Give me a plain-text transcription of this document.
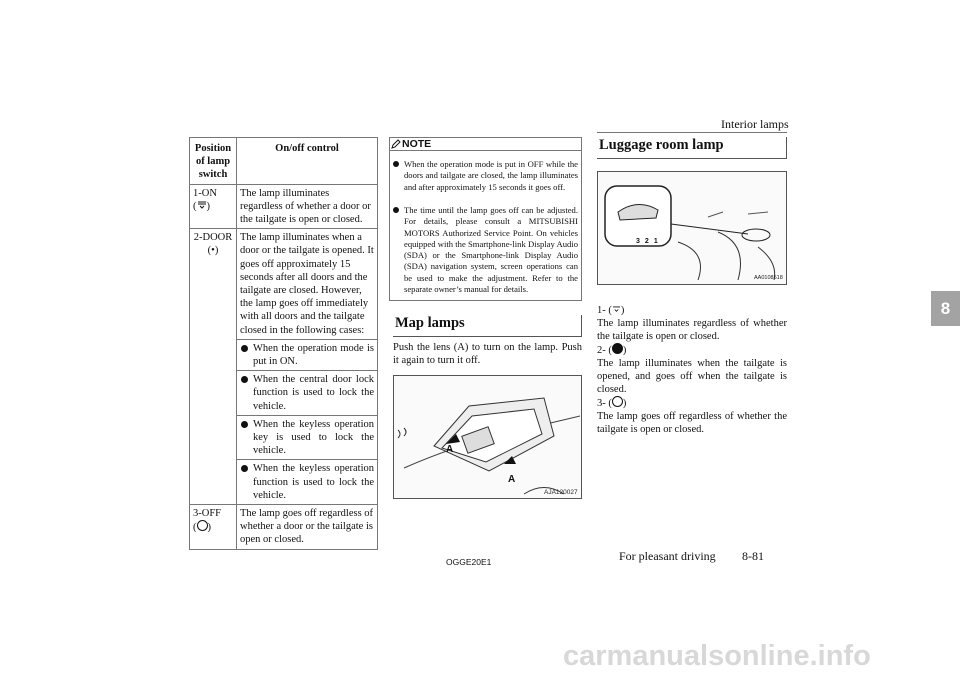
Interior lamps
8
Position of lamp switch	On/off control

1-ON
( )	The lamp illuminates regardless of whether a door or the tailgate is open or closed.

2-DOOR
(•)	The lamp illuminates when a door or the tailgate is opened. It goes off approximately 15 seconds after all doors and the tailgate are closed. However, the lamp goes off immediately with all doors and the tailgate closed in the following cases:

When the operation mode is put in ON.

When the central door lock function is used to lock the vehicle.

When the keyless operation key is used to lock the vehicle.

When the keyless operation function is used to lock the vehicle.

3-OFF
( )	The lamp goes off regardless of whether a door or the tailgate is open or closed.
NOTE
When the operation mode is put in OFF while the doors and tailgate are closed, the lamp illuminates and after approximately 15 seconds it goes off.
The time until the lamp goes off can be adjusted. For details, please consult a MITSUBISHI MOTORS Authorized Service Point. On vehicles equipped with the Smartphone-link Display Audio (SDA) or the Smartphone-link Display Audio (SDA) navigation system, screen operations can be used to make the adjustment. Refer to the separate owner’s manual for details.
Map lamps
Push the lens (A) to turn on the lamp. Push it again to turn it off.
A
A
AJA120027
Luggage room lamp
321
AA0108518
1- ( )
The lamp illuminates regardless of whether the tailgate is open or closed.
2- ( )
The lamp illuminates when the tailgate is opened, and goes off when the tailgate is closed.
3- ( )
The lamp goes off regardless of whether the tailgate is open or closed.
OGGE20E1	For pleasant driving 8-81
carmanualsonline.info
